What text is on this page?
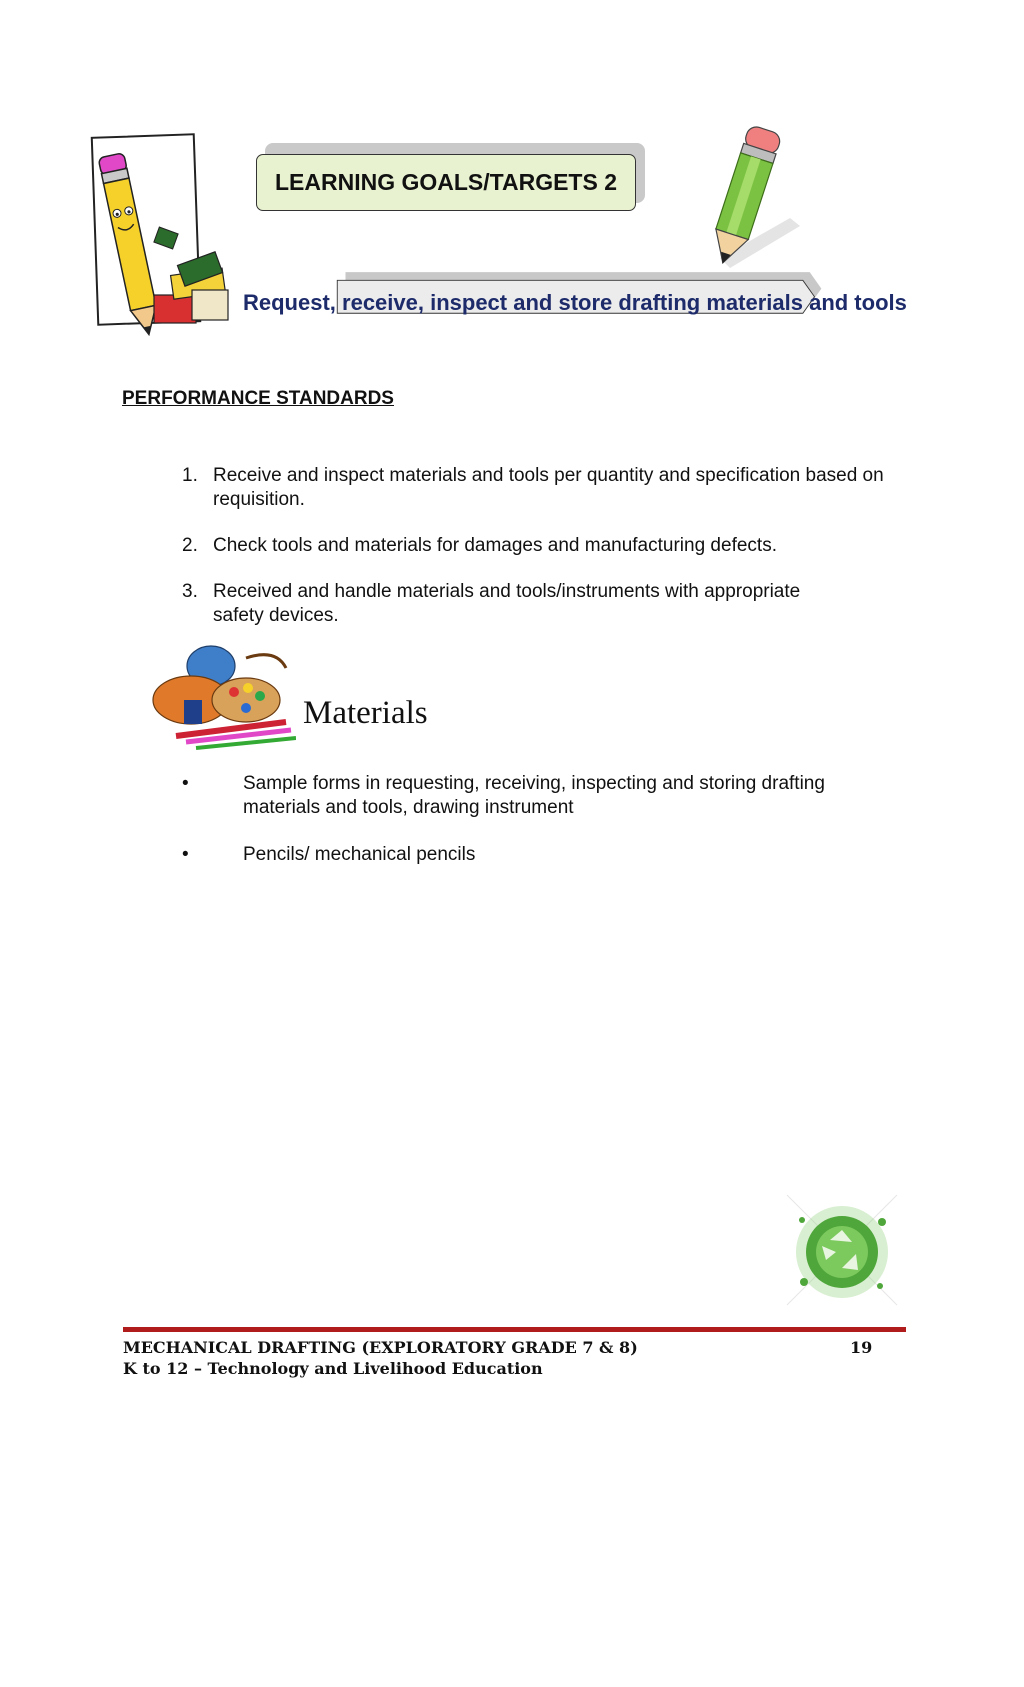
LEARNING GOALS/TARGETS 2
Request, receive, inspect and store drafting materials and tools
PERFORMANCE STANDARDS
1. Receive and inspect materials and tools per quantity and specification based on requisition.
2. Check tools and materials for damages and manufacturing defects.
3. Received and handle materials and tools/instruments with appropriate safety devices.
Materials
•	Sample forms in requesting, receiving, inspecting and storing drafting materials and tools, drawing instrument
•	Pencils/ mechanical pencils
MECHANICAL DRAFTING (EXPLORATORY GRADE 7 & 8)
K to 12 – Technology and Livelihood Education
19
